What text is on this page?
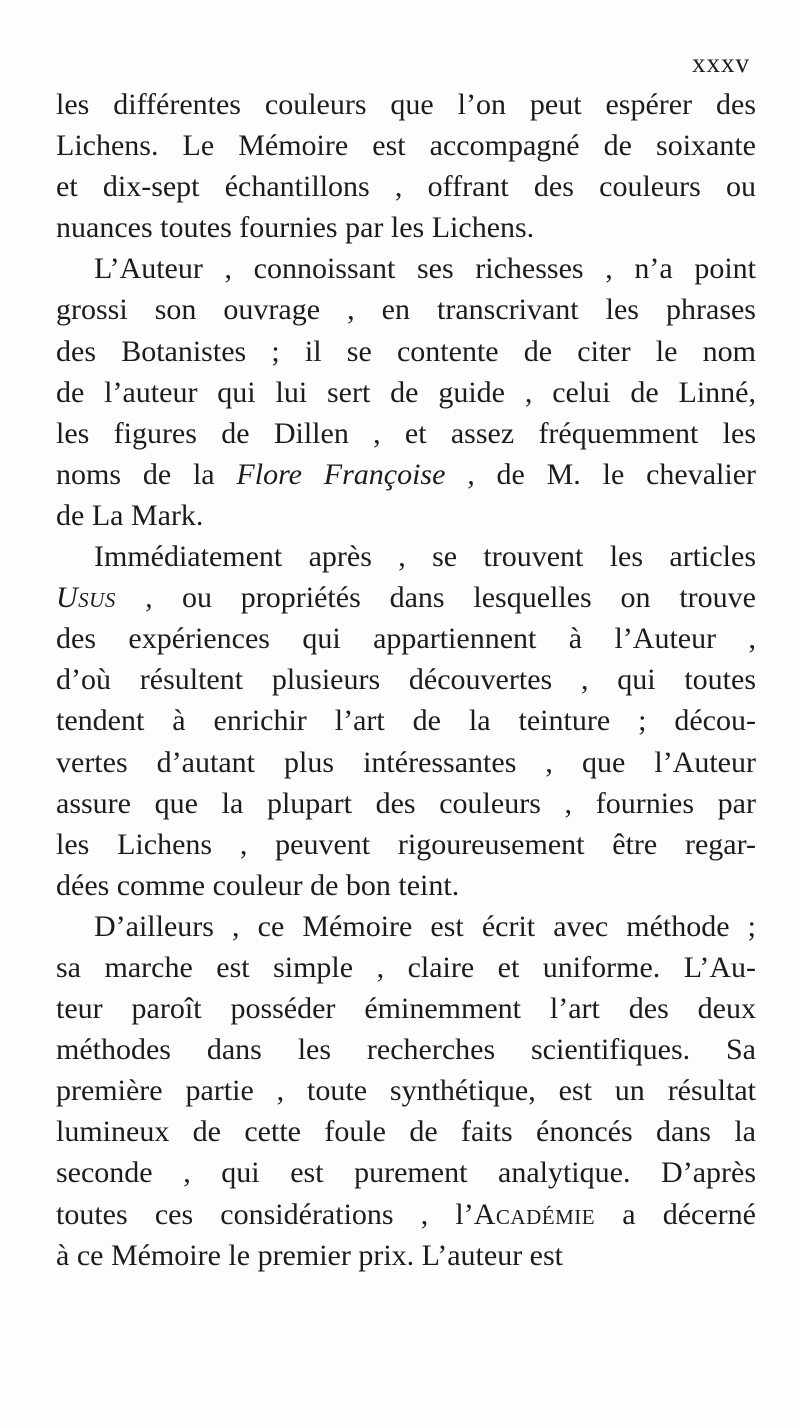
xxxv
les différentes couleurs que l’on peut espérer des
Lichens. Le Mémoire est accompagné de soixante
et dix-sept échantillons , offrant des couleurs ou
nuances toutes fournies par les Lichens.
L’Auteur , connoissant ses richesses , n’a point
grossi son ouvrage , en transcrivant les phrases
des Botanistes ; il se contente de citer le nom
de l’auteur qui lui sert de guide , celui de Linné,
les figures de Dillen , et assez fréquemment les
noms de la Flore Françoise , de M. le chevalier
de La Mark.
Immédiatement après , se trouvent les articles
Usus , ou propriétés dans lesquelles on trouve
des expériences qui appartiennent à l’Auteur ,
d’où résultent plusieurs découvertes , qui toutes
tendent à enrichir l’art de la teinture ; décou-
vertes d’autant plus intéressantes , que l’Auteur
assure que la plupart des couleurs , fournies par
les Lichens , peuvent rigoureusement être regar-
dées comme couleur de bon teint.
D’ailleurs , ce Mémoire est écrit avec méthode ;
sa marche est simple , claire et uniforme. L’Au-
teur paroît posséder éminemment l’art des deux
méthodes dans les recherches scientifiques. Sa
première partie , toute synthétique, est un résultat
lumineux de cette foule de faits énoncés dans la
seconde , qui est purement analytique. D’après
toutes ces considérations , l’Académie a décerné
à ce Mémoire le premier prix. L’auteur est
